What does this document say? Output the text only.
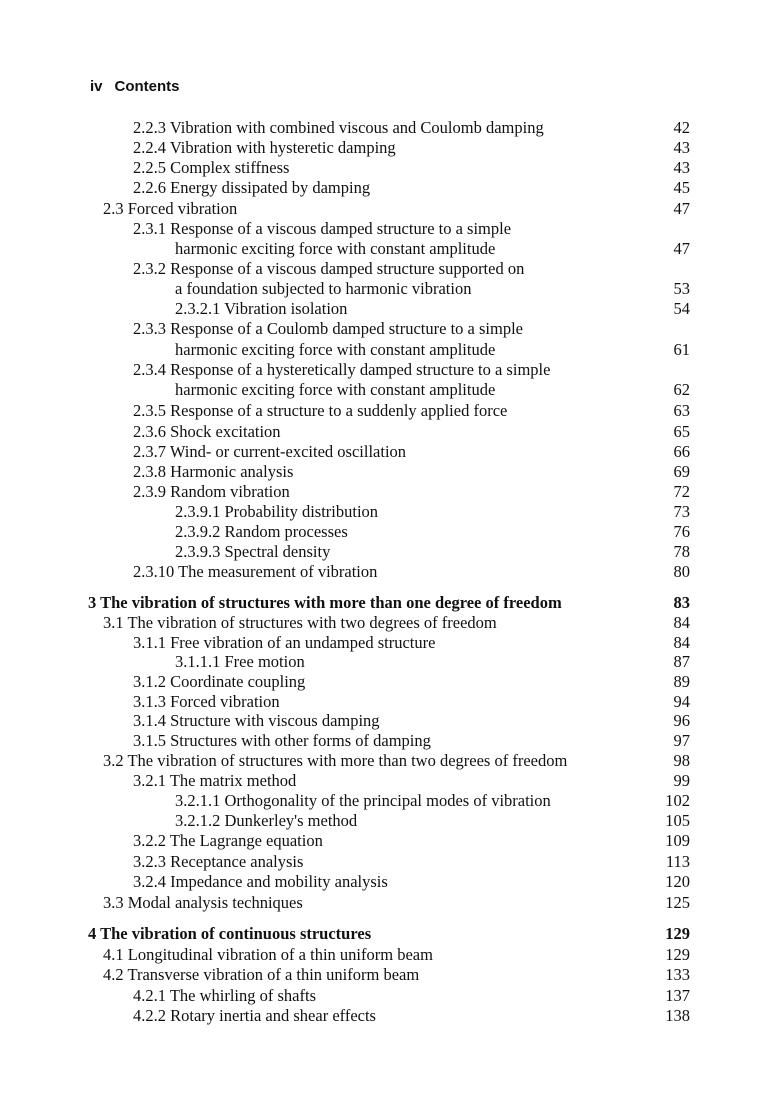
iv Contents
2.2.3 Vibration with combined viscous and Coulomb damping	42
2.2.4 Vibration with hysteretic damping	43
2.2.5 Complex stiffness	43
2.2.6 Energy dissipated by damping	45
2.3 Forced vibration	47
2.3.1 Response of a viscous damped structure to a simple
harmonic exciting force with constant amplitude	47
2.3.2 Response of a viscous damped structure supported on
a foundation subjected to harmonic vibration	53
2.3.2.1 Vibration isolation	54
2.3.3 Response of a Coulomb damped structure to a simple
harmonic exciting force with constant amplitude	61
2.3.4 Response of a hysteretically damped structure to a simple
harmonic exciting force with constant amplitude	62
2.3.5 Response of a structure to a suddenly applied force	63
2.3.6 Shock excitation	65
2.3.7 Wind- or current-excited oscillation	66
2.3.8 Harmonic analysis	69
2.3.9 Random vibration	72
2.3.9.1 Probability distribution	73
2.3.9.2 Random processes	76
2.3.9.3 Spectral density	78
2.3.10 The measurement of vibration	80
3 The vibration of structures with more than one degree of freedom	83
3.1 The vibration of structures with two degrees of freedom	84
3.1.1 Free vibration of an undamped structure	84
3.1.1.1 Free motion	87
3.1.2 Coordinate coupling	89
3.1.3 Forced vibration	94
3.1.4 Structure with viscous damping	96
3.1.5 Structures with other forms of damping	97
3.2 The vibration of structures with more than two degrees of freedom	98
3.2.1 The matrix method	99
3.2.1.1 Orthogonality of the principal modes of vibration	102
3.2.1.2 Dunkerley's method	105
3.2.2 The Lagrange equation	109
3.2.3 Receptance analysis	113
3.2.4 Impedance and mobility analysis	120
3.3 Modal analysis techniques	125
4 The vibration of continuous structures	129
4.1 Longitudinal vibration of a thin uniform beam	129
4.2 Transverse vibration of a thin uniform beam	133
4.2.1 The whirling of shafts	137
4.2.2 Rotary inertia and shear effects	138
